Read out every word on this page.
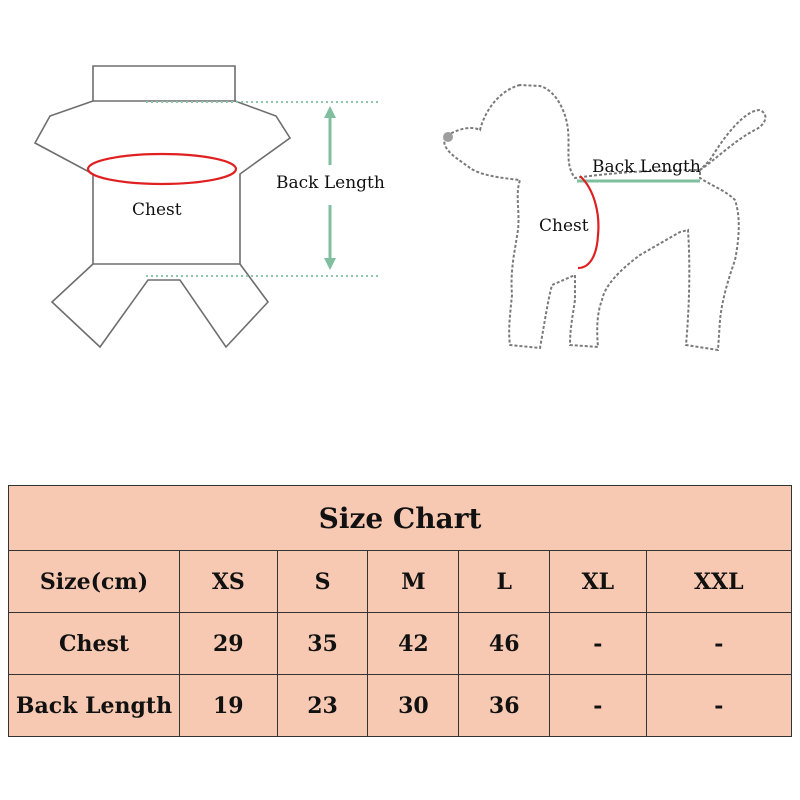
Chest
Back Length
Back Length
Chest
Size Chart						
Size(cm)	XS	S	M	L	XL	XXL
Chest	29	35	42	46	-	-
Back Length	19	23	30	36	-	-
